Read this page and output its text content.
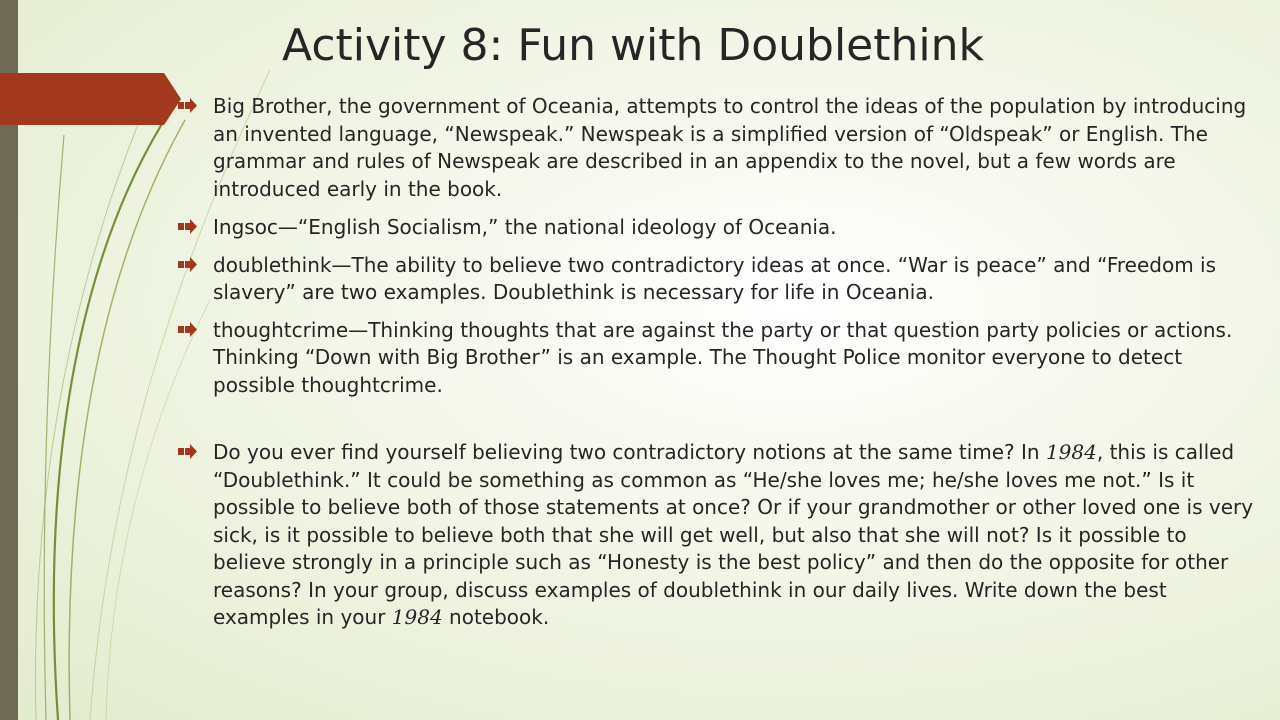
Activity 8: Fun with Doublethink
Big Brother, the government of Oceania, attempts to control the ideas of the population by introducing an invented language, “Newspeak.” Newspeak is a simplified version of “Oldspeak” or English. The grammar and rules of Newspeak are described in an appendix to the novel, but a few words are introduced early in the book.
Ingsoc—“English Socialism,” the national ideology of Oceania.
doublethink—The ability to believe two contradictory ideas at once. “War is peace” and “Freedom is slavery” are two examples. Doublethink is necessary for life in Oceania.
thoughtcrime—Thinking thoughts that are against the party or that question party policies or actions. Thinking “Down with Big Brother” is an example. The Thought Police monitor everyone to detect possible thoughtcrime.
Do you ever find yourself believing two contradictory notions at the same time? In 1984, this is called “Doublethink.” It could be something as common as “He/she loves me; he/she loves me not.” Is it possible to believe both of those statements at once? Or if your grandmother or other loved one is very sick, is it possible to believe both that she will get well, but also that she will not? Is it possible to believe strongly in a principle such as “Honesty is the best policy” and then do the opposite for other reasons? In your group, discuss examples of doublethink in our daily lives. Write down the best examples in your 1984 notebook.
